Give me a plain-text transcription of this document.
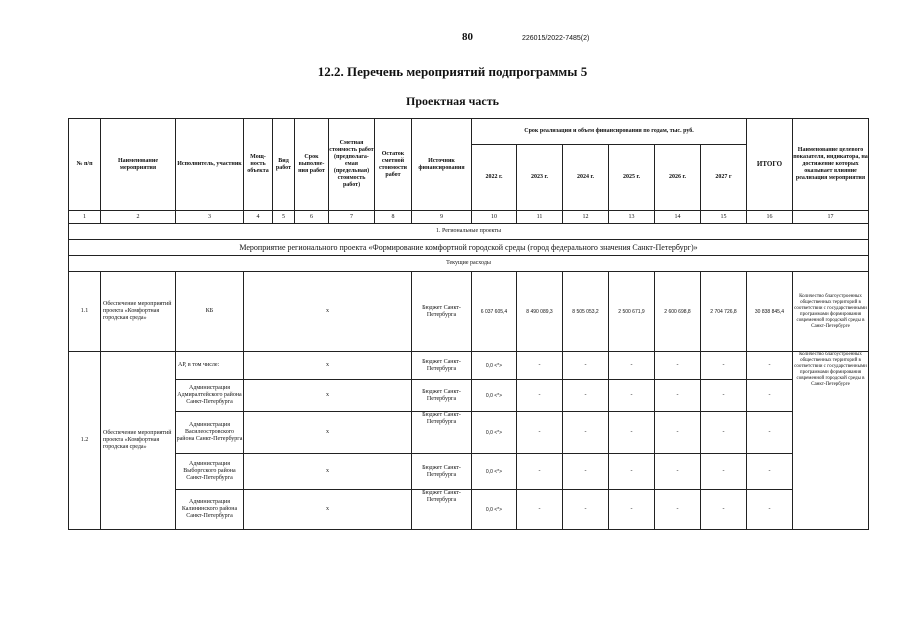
80	226015/2022-7485(2)
12.2. Перечень мероприятий подпрограммы 5
Проектная часть
№ п/п	Наименование мероприятия	Исполнитель, участник	Мощ- ность объекта	Вид работ	Срок выполне- ния работ	Сметная стоимость работ (предполага- емая (предельная) стоимость работ)	Остаток сметной стоимости работ	Источник финансирования	Срок реализации и объем финансирования по годам, тыс. руб.						ИТОГО	Наименование целевого показателя, индикатора, на достижение которых оказывает влияние реализация мероприятия
									2022 г.	2023 г.	2024 г.	2025 г.	2026 г.	2027 г		
1	2	3	4	5	6	7	8	9	10	11	12	13	14	15	16	17
1. Региональные проекты																
Мероприятие регионального проекта «Формирование комфортной городской среды (город федерального значения Санкт-Петербург)»																
Текущие расходы																
1.1	Обеспечение мероприятий проекта «Комфортная городская среда»	КБ	х					Бюджет Санкт-Петербурга	6 037 605,4	8 490 089,3	8 505 053,2	2 500 671,9	2 600 698,8	2 704 726,8	30 838 845,4	Количество благоустроенных общественных территорий в соответствии с государственными программами формирования современной городской среды в Санкт-Петербурге
1.2	Обеспечение мероприятий проекта «Комфортная городская среда»	АР, в том числе:	х					Бюджет Санкт-Петербурга	0,0 <*>	-	-	-	-	-	-	Количество благоустроенных общественных территорий в соответствии с государственными программами формирования современной городской среды в Санкт-Петербурге
		Администрация Адмиралтейского района Санкт-Петербурга	х					Бюджет Санкт-Петербурга	0,0 <*>	-	-	-	-	-	-	
		Администрация Василеостровского района Санкт-Петербурга	х					Бюджет Санкт-Петербурга	0,0 <*>	-	-	-	-	-	-	
		Администрация Выборгского района Санкт-Петербурга	х					Бюджет Санкт-Петербурга	0,0 <*>	-	-	-	-	-	-	
		Администрация Калининского района Санкт-Петербурга	х					Бюджет Санкт-Петербурга	0,0 <*>	-	-	-	-	-	-	
